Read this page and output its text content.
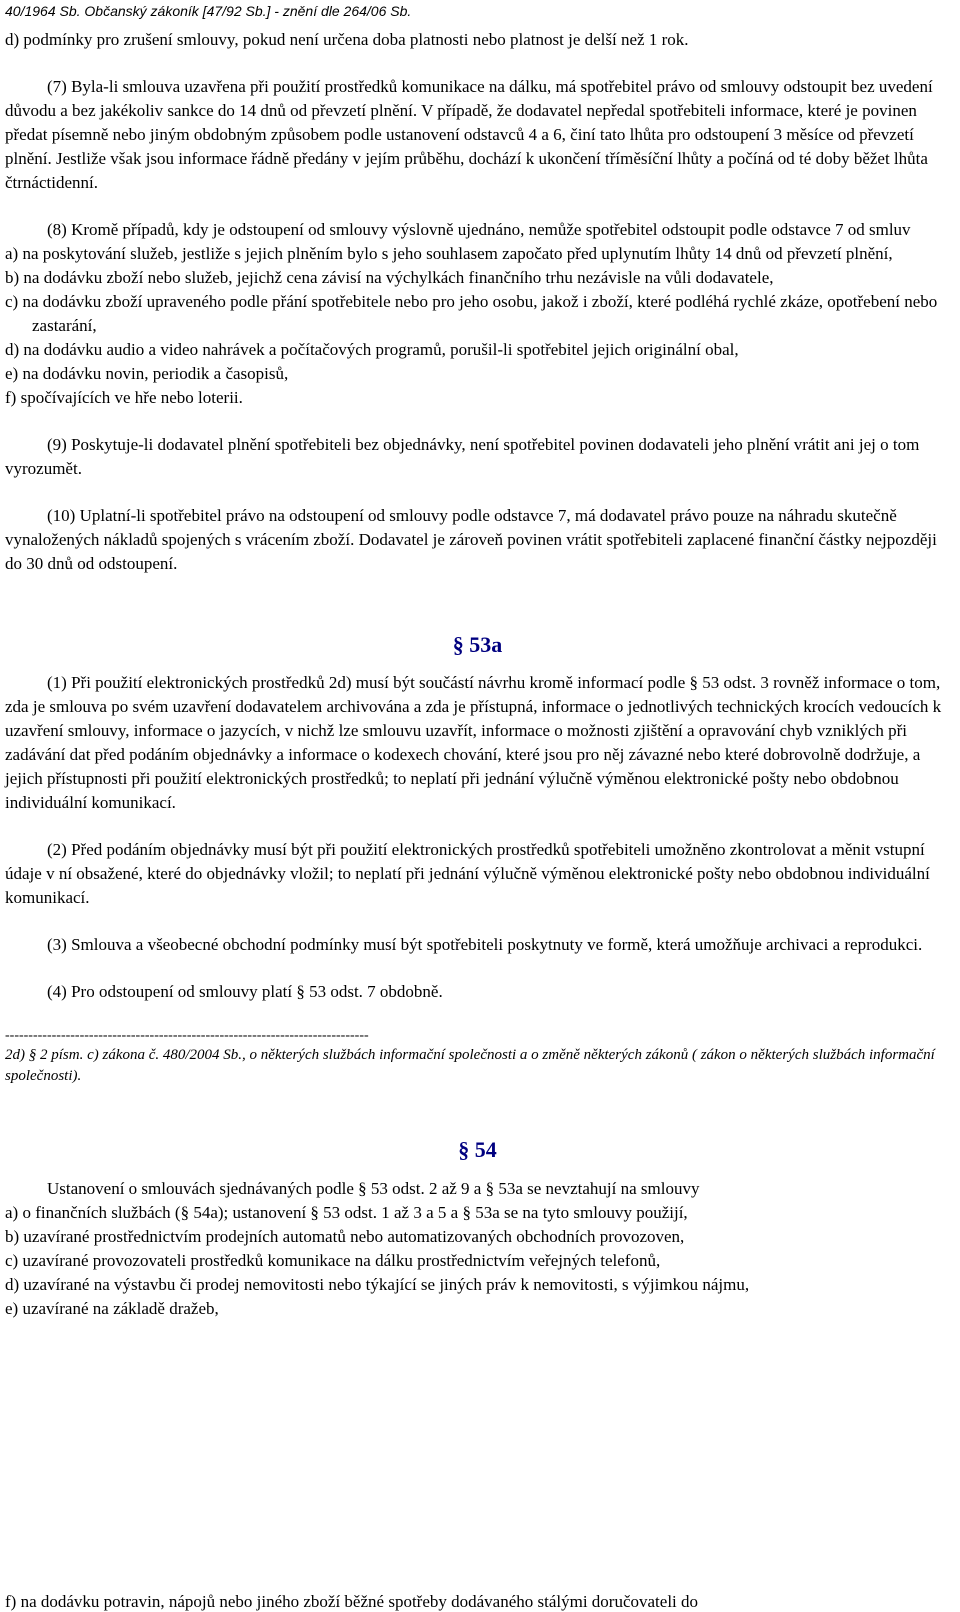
40/1964 Sb. Občanský zákoník [47/92 Sb.] - znění dle 264/06 Sb.

d) podmínky pro zrušení smlouvy, pokud není určena doba platnosti nebo platnost je delší než 1 rok.

(7) Byla-li smlouva uzavřena při použití prostředků komunikace na dálku, má spotřebitel právo od smlouvy odstoupit bez uvedení důvodu a bez jakékoliv sankce do 14 dnů od převzetí plnění. V případě, že dodavatel nepředal spotřebiteli informace, které je povinen předat písemně nebo jiným obdobným způsobem podle ustanovení odstavců 4 a 6, činí tato lhůta pro odstoupení 3 měsíce od převzetí plnění. Jestliže však jsou informace řádně předány v jejím průběhu, dochází k ukončení tříměsíční lhůty a počíná od té doby běžet lhůta čtrnáctidenní.

(8) Kromě případů, kdy je odstoupení od smlouvy výslovně ujednáno, nemůže spotřebitel odstoupit podle odstavce 7 od smluv

a) na poskytování služeb, jestliže s jejich plněním bylo s jeho souhlasem započato před uplynutím lhůty 14 dnů od převzetí plnění,
b) na dodávku zboží nebo služeb, jejichž cena závisí na výchylkách finančního trhu nezávisle na vůli dodavatele,
c) na dodávku zboží upraveného podle přání spotřebitele nebo pro jeho osobu, jakož i zboží, které podléhá rychlé zkáze, opotřebení nebo zastarání,
d) na dodávku audio a video nahrávek a počítačových programů, porušil-li spotřebitel jejich originální obal,
e) na dodávku novin, periodik a časopisů,
f) spočívajících ve hře nebo loterii.

(9) Poskytuje-li dodavatel plnění spotřebiteli bez objednávky, není spotřebitel povinen dodavateli jeho plnění vrátit ani jej o tom vyrozumět.

(10) Uplatní-li spotřebitel právo na odstoupení od smlouvy podle odstavce 7, má dodavatel právo pouze na náhradu skutečně vynaložených nákladů spojených s vrácením zboží. Dodavatel je zároveň povinen vrátit spotřebiteli zaplacené finanční částky nejpozději do 30 dnů od odstoupení.

§ 53a

(1) Při použití elektronických prostředků 2d) musí být součástí návrhu kromě informací podle § 53 odst. 3 rovněž informace o tom, zda je smlouva po svém uzavření dodavatelem archivována a zda je přístupná, informace o jednotlivých technických krocích vedoucích k uzavření smlouvy, informace o jazycích, v nichž lze smlouvu uzavřít, informace o možnosti zjištění a opravování chyb vzniklých při zadávání dat před podáním objednávky a informace o kodexech chování, které jsou pro něj závazné nebo které dobrovolně dodržuje, a jejich přístupnosti při použití elektronických prostředků; to neplatí při jednání výlučně výměnou elektronické pošty nebo obdobnou individuální komunikací.

(2) Před podáním objednávky musí být při použití elektronických prostředků spotřebiteli umožněno zkontrolovat a měnit vstupní údaje v ní obsažené, které do objednávky vložil; to neplatí při jednání výlučně výměnou elektronické pošty nebo obdobnou individuální komunikací.

(3) Smlouva a všeobecné obchodní podmínky musí být spotřebiteli poskytnuty ve formě, která umožňuje archivaci a reprodukci.

(4) Pro odstoupení od smlouvy platí § 53 odst. 7 obdobně.

------------------------------------------------------------------------------
2d) § 2 písm. c) zákona č. 480/2004 Sb., o některých službách informační společnosti a o změně některých zákonů ( zákon o některých službách informační společnosti).
§ 54

Ustanovení o smlouvách sjednávaných podle § 53 odst. 2 až 9 a § 53a se nevztahují na smlouvy

a) o finančních službách (§ 54a); ustanovení § 53 odst. 1 až 3 a 5 a § 53a se na tyto smlouvy použijí,
b) uzavírané prostřednictvím prodejních automatů nebo automatizovaných obchodních provozoven,
c) uzavírané provozovateli prostředků komunikace na dálku prostřednictvím veřejných telefonů,
d) uzavírané na výstavbu či prodej nemovitosti nebo týkající se jiných práv k nemovitosti, s výjimkou nájmu,
e) uzavírané na základě dražeb,
f) na dodávku potravin, nápojů nebo jiného zboží běžné spotřeby dodávaného stálými doručovateli do
